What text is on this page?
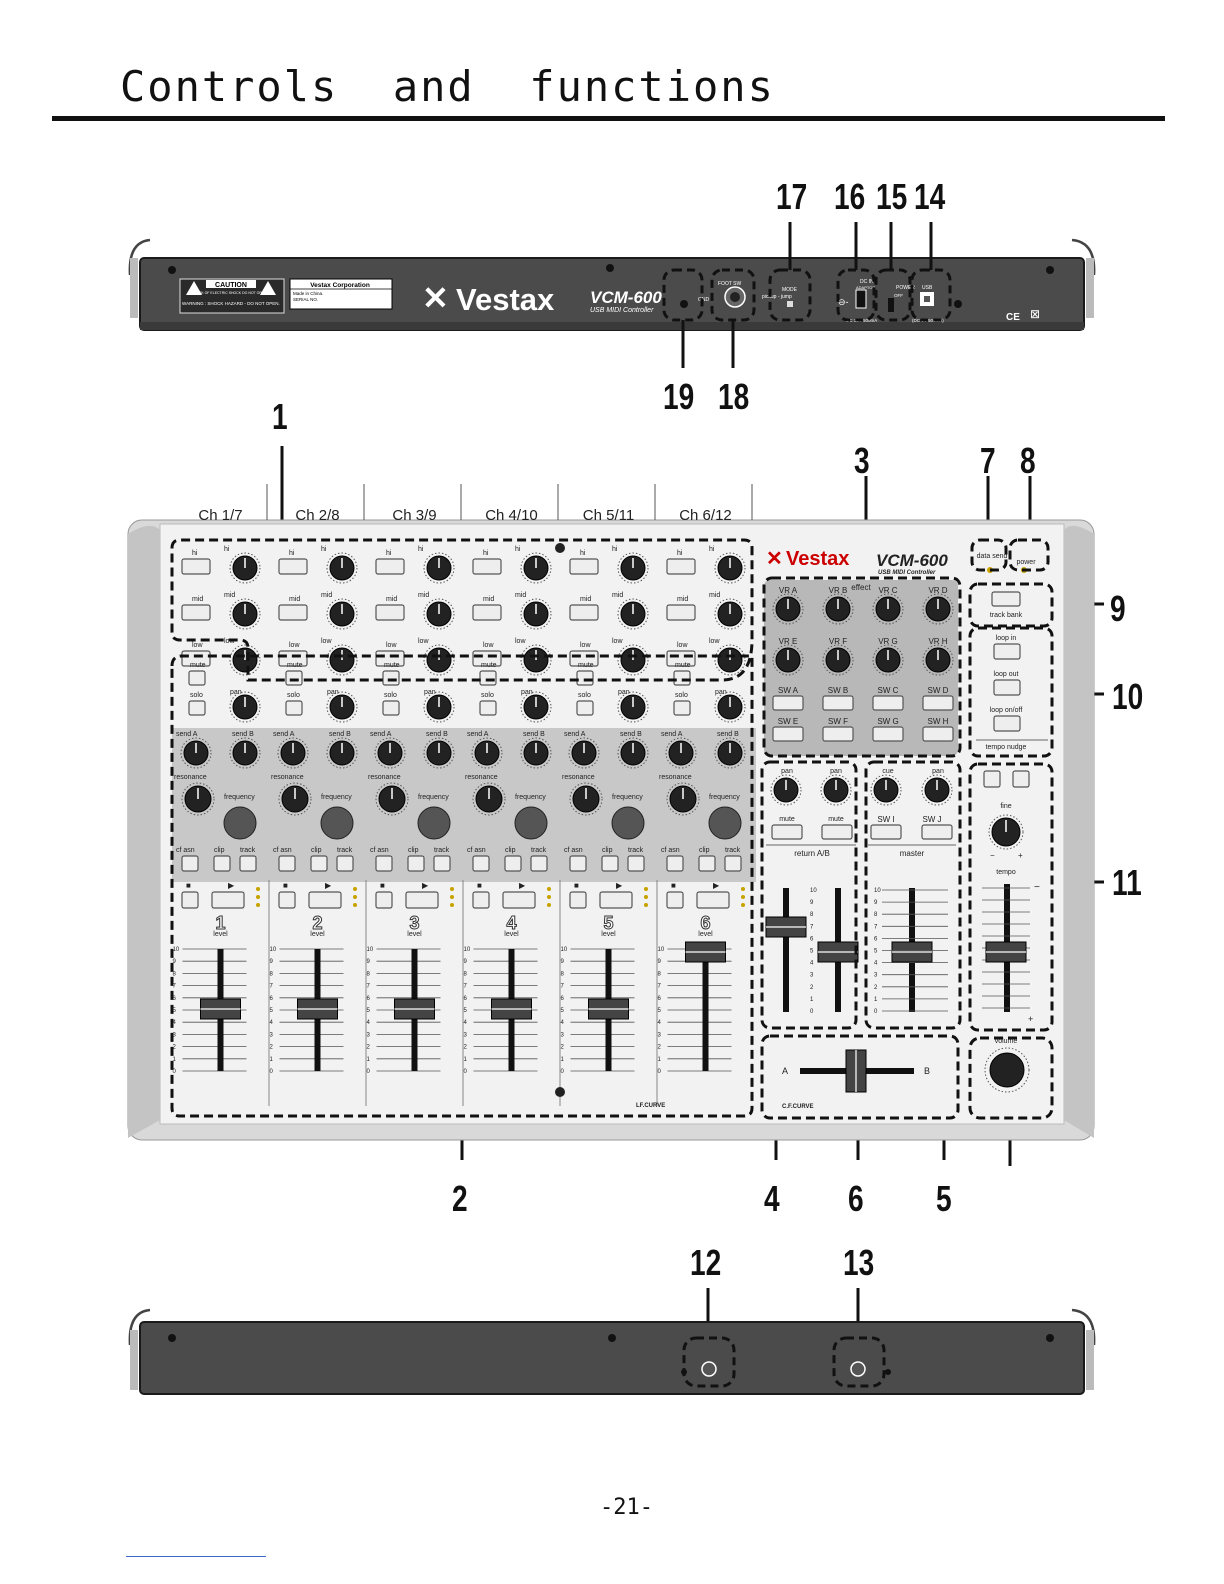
Controls  and  functions
CAUTION
RISK OF ELECTRIC SHOCK DO NOT OPEN
WARNING : SHOCK HAZARD - DO NOT OPEN.
Vestax Corporation
Made in China.
SERIAL NO.	✕ Vestax VCM-600
USB MIDI Controller
FOOT SW
GND
MODE
pickup - jump
DC IN
ADAPTOR
⊖-
POWER
OFF
USB
DC 12V 500mA	(DC 5V 500mA)	CE ⊠
17 16 15 14
19 18
Ch 1/7
hi
hi
mid
mid
low
low
mute
solo	pan
send A	send B
resonance
frequency
cf asn	clip track
■	▶
1
level
10
9
8
7
6
5
4
3
2
1
0
Ch 2/8
hi
hi
mid
mid
low
low
mute
solo	pan
send A	send B
resonance
frequency
cf asn	clip track
■	▶
2
level
10
9
8
7
6
5
4
3
2
1
0
Ch 3/9
hi
hi
mid
mid
low
low
mute
solo	pan
send A	send B
resonance
frequency
cf asn	clip track
■	▶
3
level
10
9
8
7
6
5
4
3
2
1
0
Ch 4/10
hi
hi
mid
mid
low
low
mute
solo	pan
send A	send B
resonance
frequency
cf asn	clip track
■	▶
4
level
10
9
8
7
6
5
4
3
2
1
0
Ch 5/11
hi
hi
mid
mid
low
low
mute
solo	pan
send A	send B
resonance
frequency
cf asn	clip track
■	▶
5
level
10
9
8
7
6
5
4
3
2
1
0
Ch 6/12
hi
hi
mid
mid
low
low
mute
solo	pan
send A	send B
resonance
frequency
cf asn	clip track
■	▶
6
level
10
9
8
7
6
5
4
3
2
1
0
LF.CURVE
✕ Vestax VCM-600
USB MIDI Controller
effect
VR A	VR B	VR C	VR D
VR E	VR F	VR G	VR H
SW A	SW B	SW C	SW D
SW E	SW F	SW G	SW H
pan	pan
mute	mute
return A/B
10
9
8
7
6
5
4
3
2
1
0
cue	pan
SW I	SW J
master
10
9
8
7
6
5
4
3
2
1
0
A	B
C.F.CURVE
data send
power
track bank
loop in
loop out
loop on/off
tempo nudge
fine
−	+
tempo
−
+
volume
1
3	7 8
9
10
11
2	4 6 5
12	13
-21-
